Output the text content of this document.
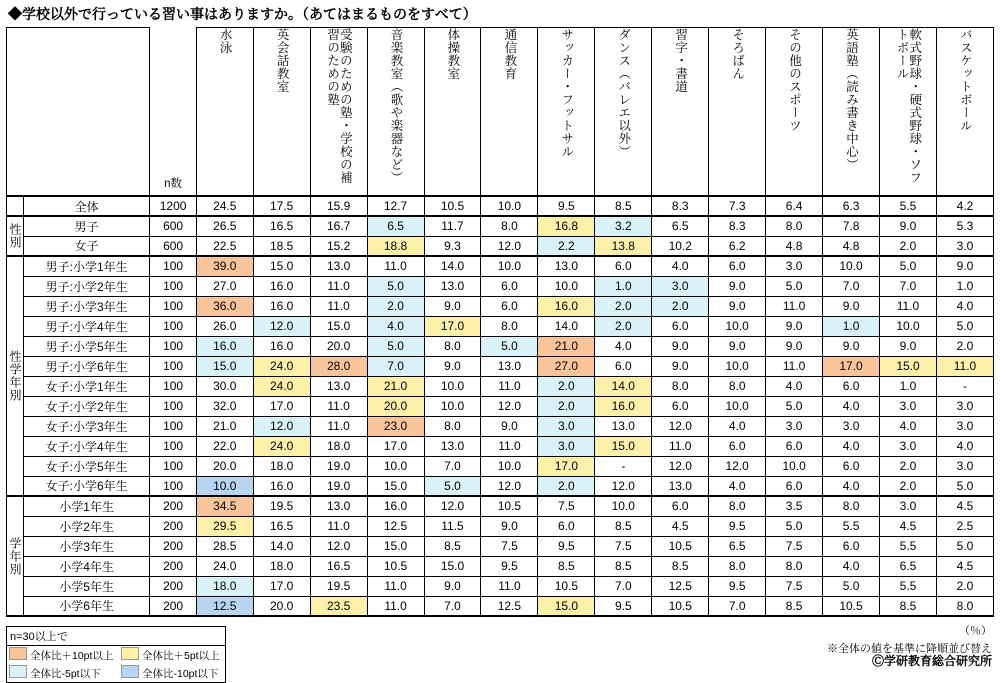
◆学校以外で行っている習い事はありますか。（あてはまるものをすべて）
		n数	水泳	英会話教室	受験のための塾・学校の補習のための塾	音楽教室（歌や楽器など）	体操教室	通信教育	サッカー・フットサル	ダンス（バレエ以外）	習字・書道	そろばん	その他のスポーツ	英語塾（読み書き中心）	軟式野球・硬式野球・ソフトボール	バスケットボール
	全体	1200	24.5	17.5	15.9	12.7	10.5	10.0	9.5	8.5	8.3	7.3	6.4	6.3	5.5	4.2
性別	男子	600	26.5	16.5	16.7	6.5	11.7	8.0	16.8	3.2	6.5	8.3	8.0	7.8	9.0	5.3
	女子	600	22.5	18.5	15.2	18.8	9.3	12.0	2.2	13.8	10.2	6.2	4.8	4.8	2.0	3.0
性学年別	男子:小学1年生	100	39.0	15.0	13.0	11.0	14.0	10.0	13.0	6.0	4.0	6.0	3.0	10.0	5.0	9.0
	男子:小学2年生	100	27.0	16.0	11.0	5.0	13.0	6.0	10.0	1.0	3.0	9.0	5.0	7.0	7.0	1.0
	男子:小学3年生	100	36.0	16.0	11.0	2.0	9.0	6.0	16.0	2.0	2.0	9.0	11.0	9.0	11.0	4.0
	男子:小学4年生	100	26.0	12.0	15.0	4.0	17.0	8.0	14.0	2.0	6.0	10.0	9.0	1.0	10.0	5.0
	男子:小学5年生	100	16.0	16.0	20.0	5.0	8.0	5.0	21.0	4.0	9.0	9.0	9.0	9.0	9.0	2.0
	男子:小学6年生	100	15.0	24.0	28.0	7.0	9.0	13.0	27.0	6.0	9.0	10.0	11.0	17.0	15.0	11.0
	女子:小学1年生	100	30.0	24.0	13.0	21.0	10.0	11.0	2.0	14.0	8.0	8.0	4.0	6.0	1.0	-
	女子:小学2年生	100	32.0	17.0	11.0	20.0	10.0	12.0	2.0	16.0	6.0	10.0	5.0	4.0	3.0	3.0
	女子:小学3年生	100	21.0	12.0	11.0	23.0	8.0	9.0	3.0	13.0	12.0	4.0	3.0	3.0	4.0	3.0
	女子:小学4年生	100	22.0	24.0	18.0	17.0	13.0	11.0	3.0	15.0	11.0	6.0	6.0	4.0	3.0	4.0
	女子:小学5年生	100	20.0	18.0	19.0	10.0	7.0	10.0	17.0	-	12.0	12.0	10.0	6.0	2.0	3.0
	女子:小学6年生	100	10.0	16.0	19.0	15.0	5.0	12.0	2.0	12.0	13.0	4.0	6.0	4.0	2.0	5.0
学年別	小学1年生	200	34.5	19.5	13.0	16.0	12.0	10.5	7.5	10.0	6.0	8.0	3.5	8.0	3.0	4.5
	小学2年生	200	29.5	16.5	11.0	12.5	11.5	9.0	6.0	8.5	4.5	9.5	5.0	5.5	4.5	2.5
	小学3年生	200	28.5	14.0	12.0	15.0	8.5	7.5	9.5	7.5	10.5	6.5	7.5	6.0	5.5	5.0
	小学4年生	200	24.0	18.0	16.5	10.5	15.0	9.5	8.5	8.5	8.5	8.0	8.0	4.0	6.5	4.5
	小学5年生	200	18.0	17.0	19.5	11.0	9.0	11.0	10.5	7.0	12.5	9.5	7.5	5.0	5.5	2.0
	小学6年生	200	12.5	20.0	23.5	11.0	7.0	12.5	15.0	9.5	10.5	7.0	8.5	10.5	8.5	8.0
n=30以上で
全体比＋10pt以上	全体比＋5pt以上
全体比-5pt以下	全体比-10pt以下
（％）
※全体の値を基準に降順並び替え
Ⓒ学研教育総合研究所
